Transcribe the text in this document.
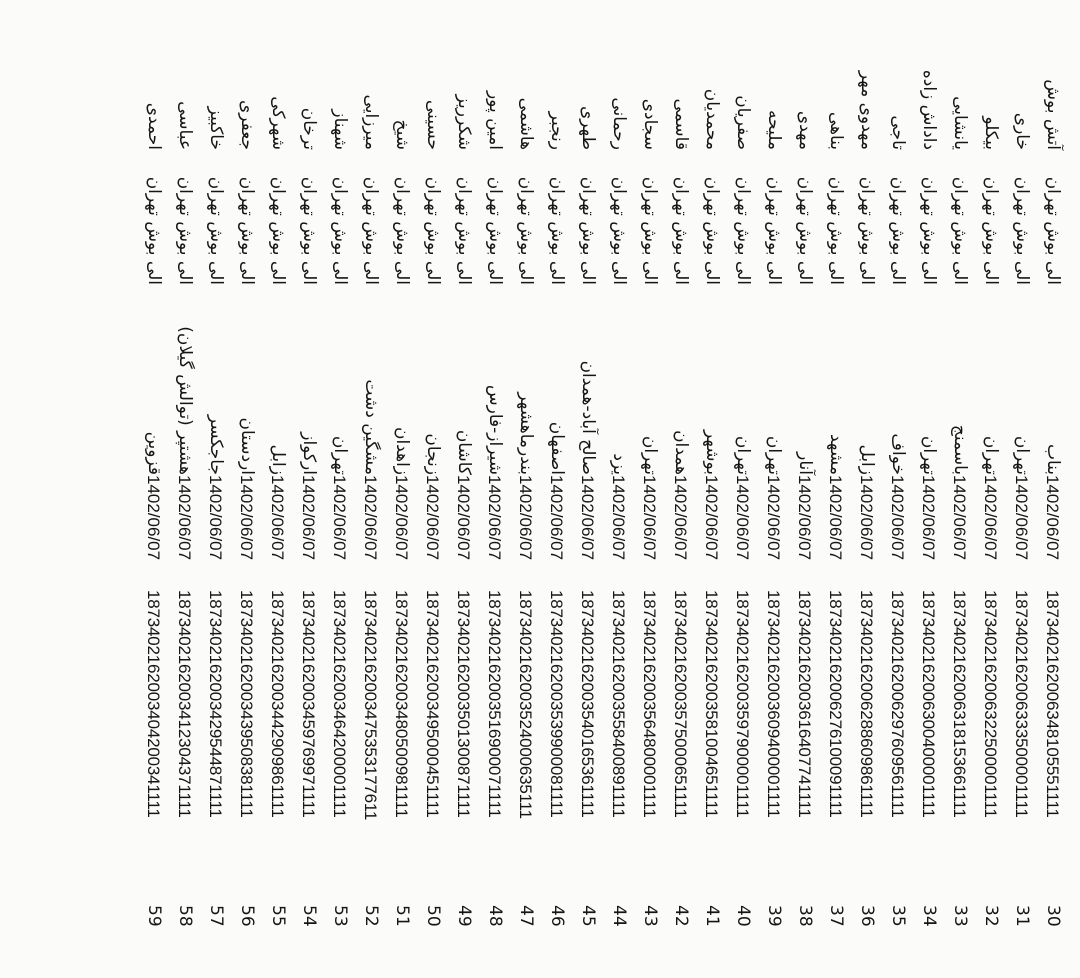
30
1873402162006348105551111
1402/06/07
بناب
الی بوش تهران
آتش بوش
31
1873402162006333500001111
1402/06/07
تهران
الی بوش تهران
خاری
32
1873402162006322500001111
1402/06/07
تهران
الی بوش تهران
بیکلو
33
1873402162006318153661111
1402/06/07
باسمنج
الی بوش تهران
یانشایی
34
1873402162006300400001111
1402/06/07
تهران
الی بوش تهران
داداش زاده
35
1873402162006297609561111
1402/06/07
خواف
الی بوش تهران
تاجی
36
1873402162006288609861111
1402/06/07
زابل
الی بوش تهران
مهدوی مهر
37
1873402162006276100091111
1402/06/07
مشهد
الی بوش تهران
بناهی
38
1873402162003616407741111
1402/06/07
آنار
الی بوش تهران
مهدی
39
1873402162003609400001111
1402/06/07
تهران
الی بوش تهران
مليحه
40
1873402162003597900001111
1402/06/07
تهران
الی بوش تهران
صفریان
41
1873402162003581004651111
1402/06/07
بوشهر
الی بوش تهران
محمدیان
42
1873402162003575000651111
1402/06/07
همدان
الی بوش تهران
قاسمی
43
1873402162003564800001111
1402/06/07
تهران
الی بوش تهران
سجادی
44
1873402162003558400891111
1402/06/07
یزد
الی بوش تهران
رحمانی
45
1873402162003540165361111
1402/06/07
صالح آباد-همدان
الی بوش تهران
طهری
46
1873402162003539900081111
1402/06/07
اصفهان
الی بوش تهران
رنجبر
47
1873402162003524000635111
1402/06/07
بندرماهشهر
الی بوش تهران
هاشمی
48
1873402162003516900071111
1402/06/07
شیراز-فارس
الی بوش تهران
امین پور
49
1873402162003501300871111
1402/06/07
کاشان
الی بوش تهران
شکرریز
50
1873402162003495000451111
1402/06/07
زنجان
الی بوش تهران
حسینی
51
1873402162003480500981111
1402/06/07
زاهدان
الی بوش تهران
شیخ
52
1873402162003475353177611
1402/06/07
مشگین دشت
الی بوش تهران
میرزایی
53
1873402162003464200001111
1402/06/07
تهران
الی بوش تهران
شهناز
54
1873402162003459769971111
1402/06/07
اركواز
الی بوش تهران
ترخان
55
1873402162003442909861111
1402/06/07
زابل
الی بوش تهران
شهرکی
56
1873402162003439508381111
1402/06/07
اردستان
الی بوش تهران
جعفری
57
1873402162003429544871111
1402/06/07
جاجکسر
الی بوش تهران
خاکبیز
58
1873402162003412304371111
1402/06/07
هشتپر (توالش گیلان)
الی بوش تهران
عباسی
59
1873402162003404200341111
1402/06/07
قزوین
الی بوش تهران
احمدی
